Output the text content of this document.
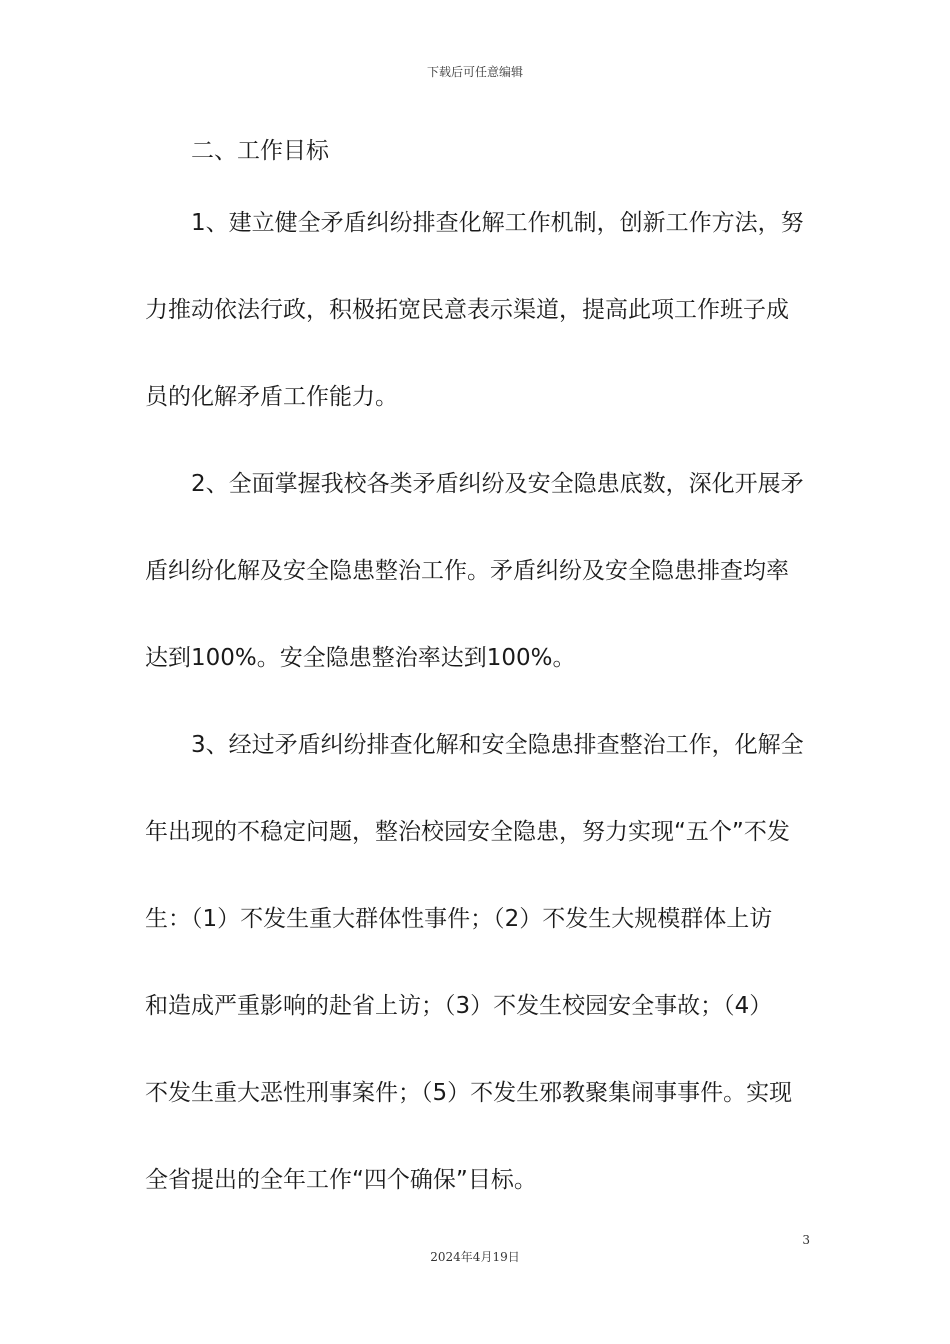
下载后可任意编辑
二、工作目标
1、建立健全矛盾纠纷排查化解工作机制，创新工作方法，努
力推动依法行政，积极拓宽民意表示渠道，提高此项工作班子成
员的化解矛盾工作能力。
2、全面掌握我校各类矛盾纠纷及安全隐患底数，深化开展矛
盾纠纷化解及安全隐患整治工作。矛盾纠纷及安全隐患排查均率
达到100%。安全隐患整治率达到100%。
3、经过矛盾纠纷排查化解和安全隐患排查整治工作，化解全
年出现的不稳定问题，整治校园安全隐患，努力实现“五个”不发
生：（1）不发生重大群体性事件；（2）不发生大规模群体上访
和造成严重影响的赴省上访；（3）不发生校园安全事故；（4）
不发生重大恶性刑事案件；（5）不发生邪教聚集闹事事件。实现
全省提出的全年工作“四个确保”目标。
3
2024年4月19日
